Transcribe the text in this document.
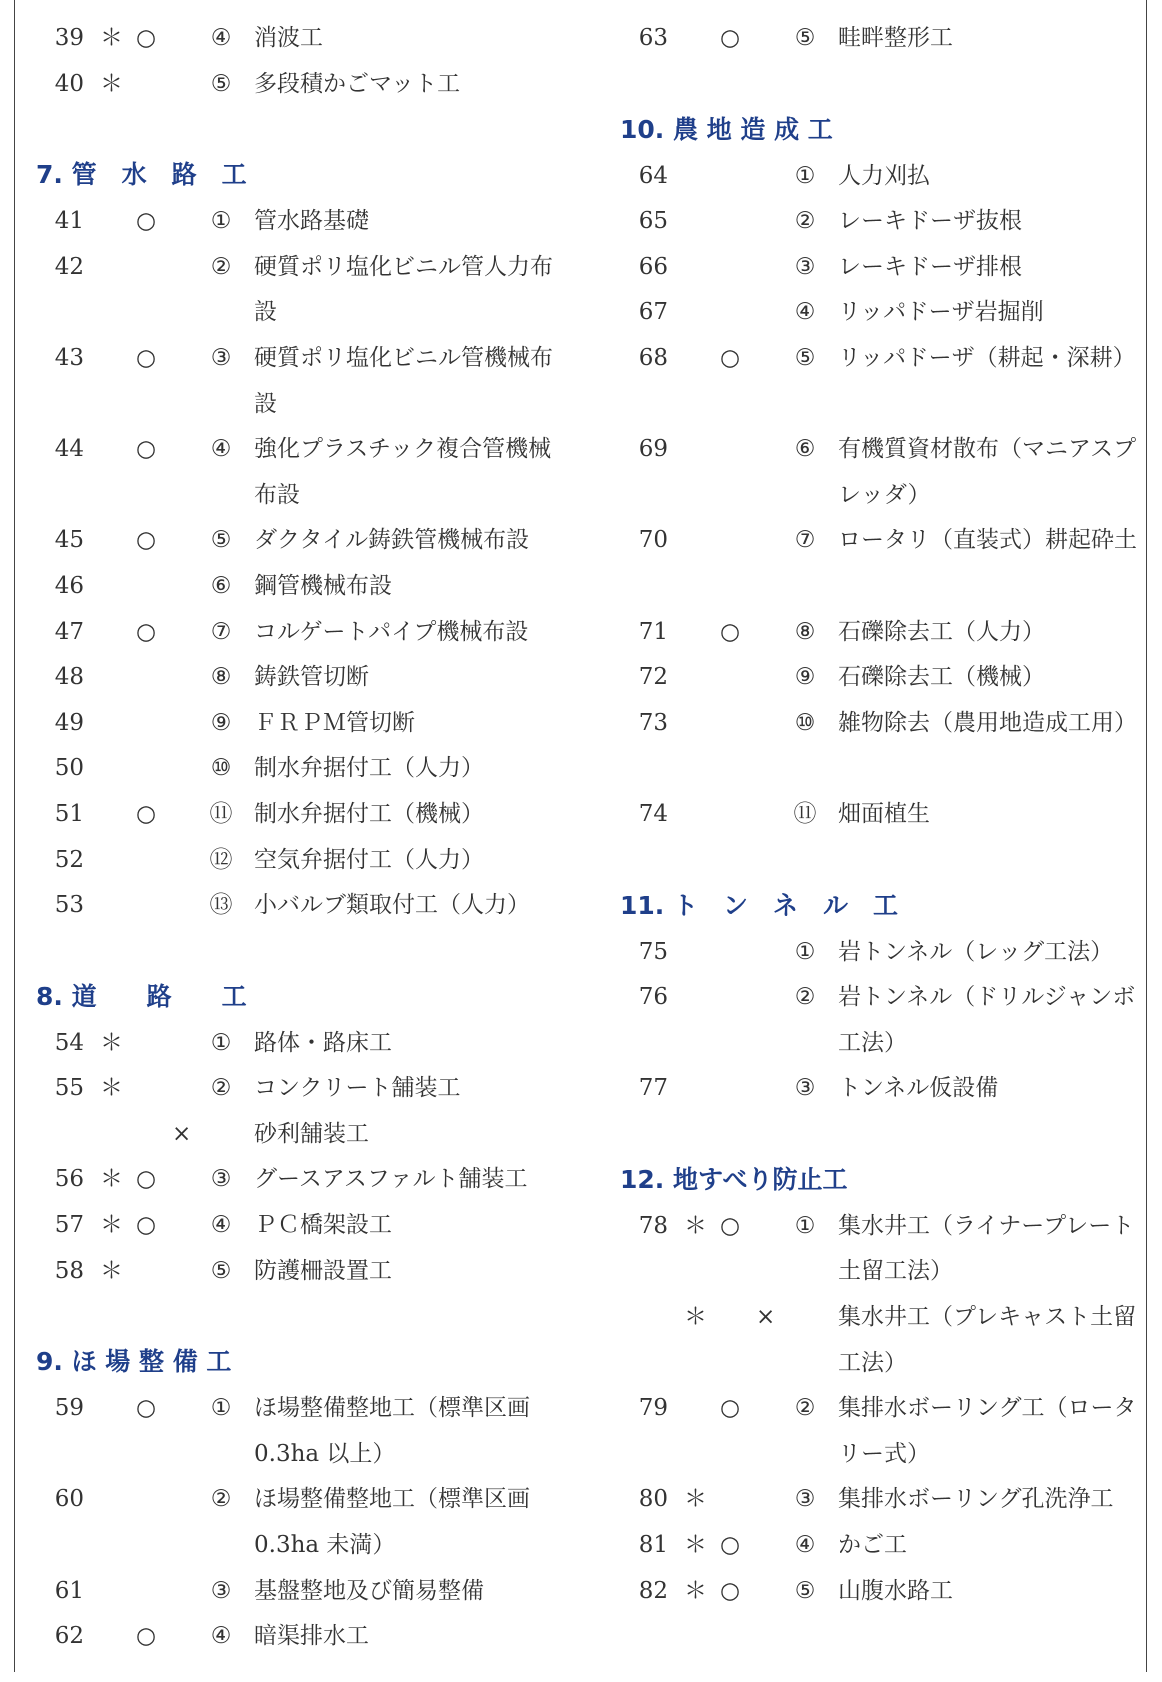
39 ＊ ○ ④ 消波工
40 ＊	⑤ 多段積かごマット工
7. 管　水　路　工
41 ○ ① 管水路基礎
42	② 硬質ポリ塩化ビニル管人力布設
43 ○ ③ 硬質ポリ塩化ビニル管機械布設
44 ○ ④ 強化プラスチック複合管機械布設
45 ○ ⑤ ダクタイル鋳鉄管機械布設
46	⑥ 鋼管機械布設
47 ○ ⑦ コルゲートパイプ機械布設
48	⑧ 鋳鉄管切断
49	⑨ ＦＲＰＭ管切断
50	⑩ 制水弁据付工（人力）
51 ○ ⑪ 制水弁据付工（機械）
52	⑫ 空気弁据付工（人力）
53	⑬ 小バルブ類取付工（人力）
8. 道　　路　　工
54 ＊	① 路体・路床工
55 ＊	② コンクリート舗装工
×	砂利舗装工
56 ＊ ○ ③ グースアスファルト舗装工
57 ＊ ○ ④ ＰＣ橋架設工
58 ＊	⑤ 防護柵設置工
9. ほ 場 整 備 工
59 ○ ① ほ場整備整地工（標準区画0.3ha 以上）
60	② ほ場整備整地工（標準区画0.3ha 未満）
61	③ 基盤整地及び簡易整備
62 ○ ④ 暗渠排水工
63 ○ ⑤ 畦畔整形工
10. 農 地 造 成 工
64	① 人力刈払
65	② レーキドーザ抜根
66	③ レーキドーザ排根
67	④ リッパドーザ岩掘削
68 ○ ⑤ リッパドーザ（耕起・深耕）
69	⑥ 有機質資材散布（マニアスプレッダ）
70	⑦ ロータリ（直装式）耕起砕土
71 ○ ⑧ 石礫除去工（人力）
72	⑨ 石礫除去工（機械）
73	⑩ 雑物除去（農用地造成工用）
74	⑪ 畑面植生
11. ト　ン　ネ　ル　工
75	① 岩トンネル（レッグ工法）
76	② 岩トンネル（ドリルジャンボ工法）
77	③ トンネル仮設備
12. 地すべり防止工
78 ＊ ○ ① 集水井工（ライナープレート土留工法）
＊ ×	集水井工（プレキャスト土留工法）
79 ○ ② 集排水ボーリング工（ロータリー式）
80 ＊	③ 集排水ボーリング孔洗浄工
81 ＊ ○ ④ かご工
82 ＊ ○ ⑤ 山腹水路工
